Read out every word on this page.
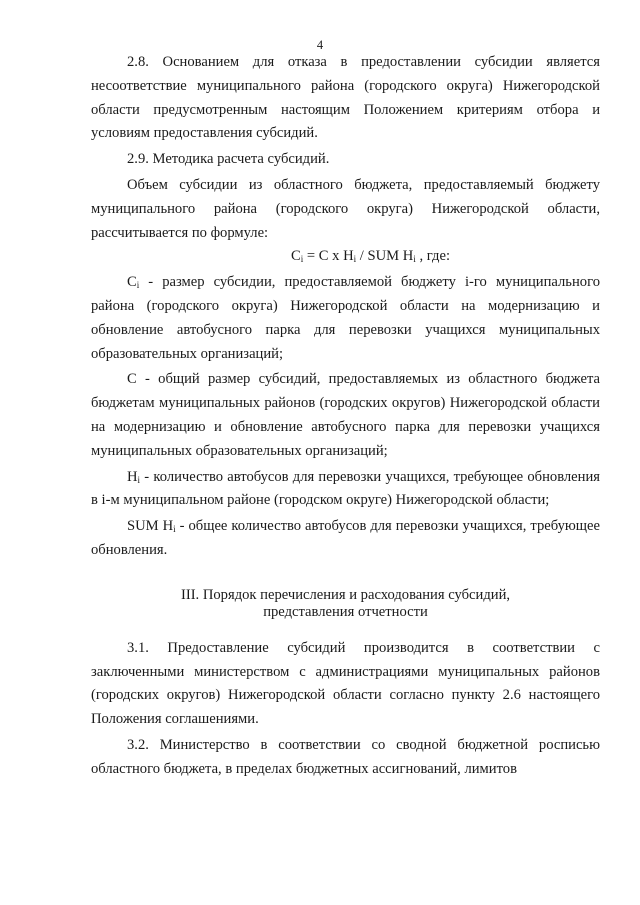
4

2.8. Основанием для отказа в предоставлении субсидии является несоответствие муниципального района (городского округа) Нижегородской области предусмотренным настоящим Положением критериям отбора и условиям предоставления субсидий.

2.9. Методика расчета субсидий.

Объем субсидии из областного бюджета, предоставляемый бюджету муниципального района (городского округа) Нижегородской области, рассчитывается по формуле:

$C_i = C$ x $H_i$ / SUM $H_i$ , где:

$C_i$ - размер субсидии, предоставляемой бюджету i-го муниципального района (городского округа) Нижегородской области на модернизацию и обновление автобусного парка для перевозки учащихся муниципальных образовательных организаций;

C - общий размер субсидий, предоставляемых из областного бюджета бюджетам муниципальных районов (городских округов) Нижегородской области на модернизацию и обновление автобусного парка для перевозки учащихся муниципальных образовательных организаций;

$H_i$ - количество автобусов для перевозки учащихся, требующее обновления в i-м муниципальном районе (городском округе) Нижегородской области;

SUM $H_i$ - общее количество автобусов для перевозки учащихся, требующее обновления.

III. Порядок перечисления и расходования субсидий,
представления отчетности

3.1. Предоставление субсидий производится в соответствии с заключенными министерством с администрациями муниципальных районов (городских округов) Нижегородской области согласно пункту 2.6 настоящего Положения соглашениями.

3.2. Министерство в соответствии со сводной бюджетной росписью областного бюджета, в пределах бюджетных ассигнований, лимитов
